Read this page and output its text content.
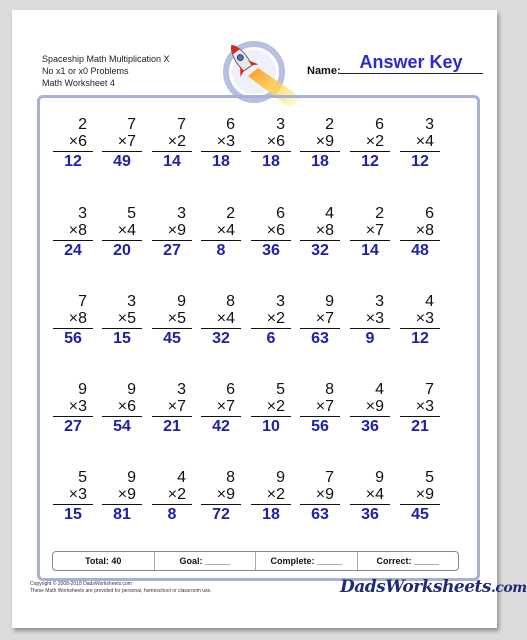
Spaceship Math Multiplication X
No x1 or x0 Problems
Math Worksheet 4
Name:	Answer Key
2
×6
12
7
×7
49
7
×2
14
6
×3
18
3
×6
18
2
×9
18
6
×2
12
3
×4
12
3
×8
24
5
×4
20
3
×9
27
2
×4
8
6
×6
36
4
×8
32
2
×7
14
6
×8
48
7
×8
56
3
×5
15
9
×5
45
8
×4
32
3
×2
6
9
×7
63
3
×3
9
4
×3
12
9
×3
27
9
×6
54
3
×7
21
6
×7
42
5
×2
10
8
×7
56
4
×9
36
7
×3
21
5
×3
15
9
×9
81
4
×2
8
8
×9
72
9
×2
18
7
×9
63
9
×4
36
5
×9
45
Total: 40	Goal: _____	Complete: _____	Correct: _____
Copyright © 2008-2018 DadsWorksheets.com
These Math Worksheets are provided for personal, homeschool or classroom use.	DadsWorksheets.com
